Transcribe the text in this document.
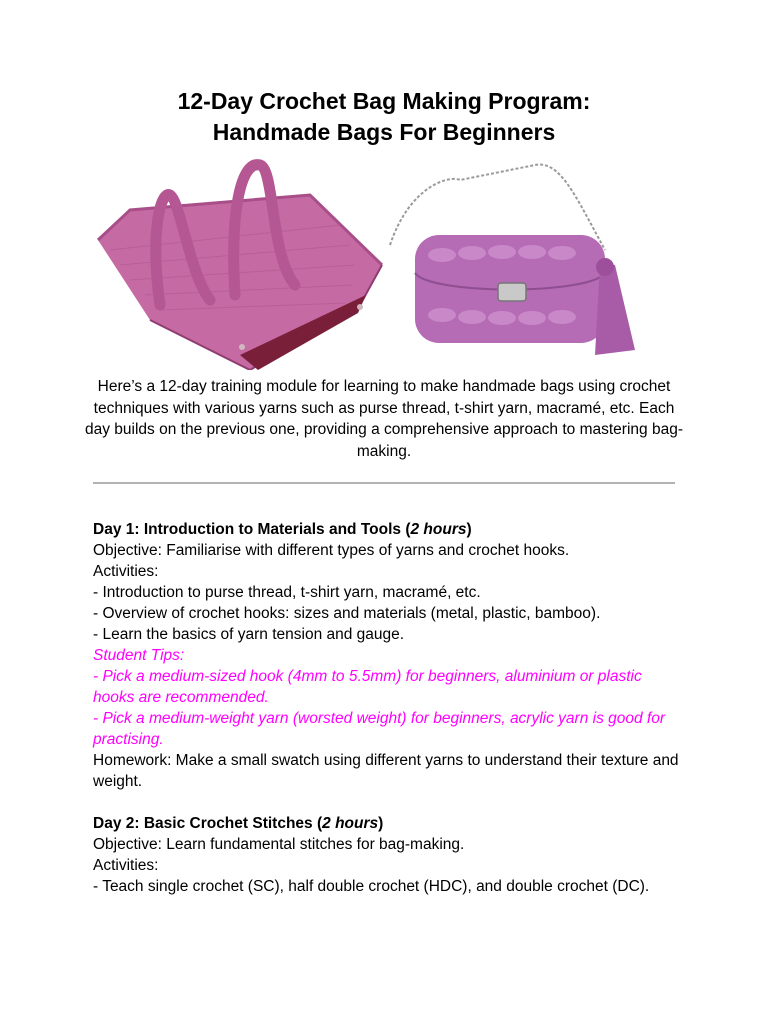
12-Day Crochet Bag Making Program:
Handmade Bags For Beginners
Here’s a 12-day training module for learning to make handmade bags using crochet techniques with various yarns such as purse thread, t-shirt yarn, macramé, etc. Each day builds on the previous one, providing a comprehensive approach to mastering bag-making.

Day 1: Introduction to Materials and Tools (2 hours)

Objective: Familiarise with different types of yarns and crochet hooks.

Activities:

- Introduction to purse thread, t-shirt yarn, macramé, etc.

- Overview of crochet hooks: sizes and materials (metal, plastic, bamboo).

- Learn the basics of yarn tension and gauge.

Student Tips:

- Pick a medium-sized hook (4mm to 5.5mm) for beginners, aluminium or plastic hooks are recommended.

- Pick a medium-weight yarn (worsted weight) for beginners, acrylic yarn is good for practising.

Homework: Make a small swatch using different yarns to understand their texture and weight.

Day 2: Basic Crochet Stitches (2 hours)

Objective: Learn fundamental stitches for bag-making.

Activities:

- Teach single crochet (SC), half double crochet (HDC), and double crochet (DC).
